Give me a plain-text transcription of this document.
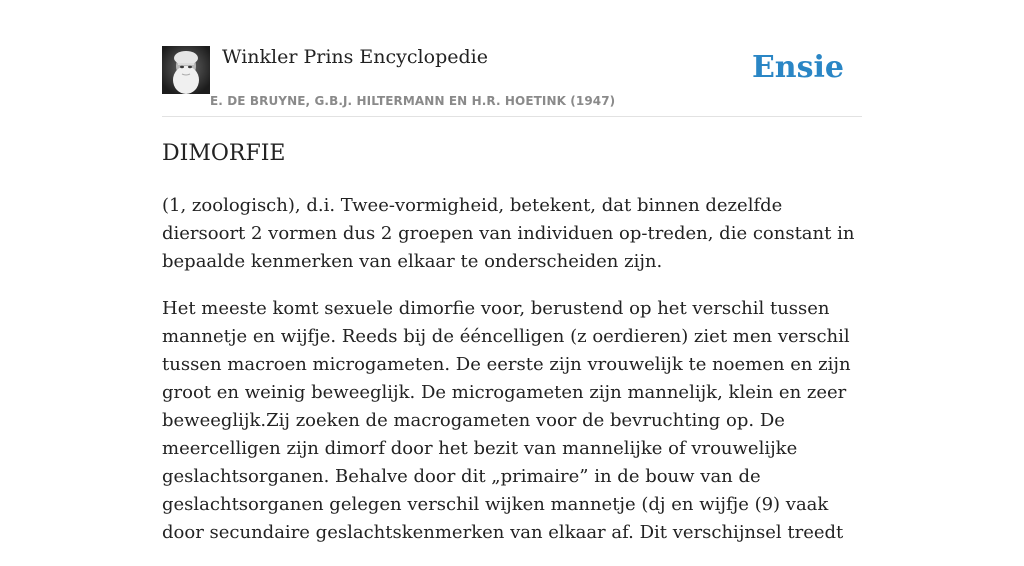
Winkler Prins Encyclopedie
E. DE BRUYNE, G.B.J. HILTERMANN EN H.R. HOETINK (1947)
Ensie
DIMORFIE

(1, zoologisch), d.i. Twee-vormigheid, betekent, dat binnen dezelfde diersoort 2 vormen dus 2 groepen van individuen op-treden, die constant in bepaalde kenmerken van elkaar te onderscheiden zijn.

Het meeste komt sexuele dimorfie voor, berustend op het verschil tussen mannetje en wijfje. Reeds bij de ééncelligen (z oerdieren) ziet men verschil tussen macroen microgameten. De eerste zijn vrouwelijk te noemen en zijn groot en weinig beweeglijk. De microgameten zijn mannelijk, klein en zeer beweeglijk.Zij zoeken de macrogameten voor de bevruchting op. De meercelligen zijn dimorf door het bezit van mannelijke of vrouwelijke geslachtsorganen. Behalve door dit „primaire” in de bouw van de geslachtsorganen gelegen verschil wijken mannetje (dj en wijfje (9) vaak door secundaire geslachtskenmerken van elkaar af. Dit verschijnsel treedt
